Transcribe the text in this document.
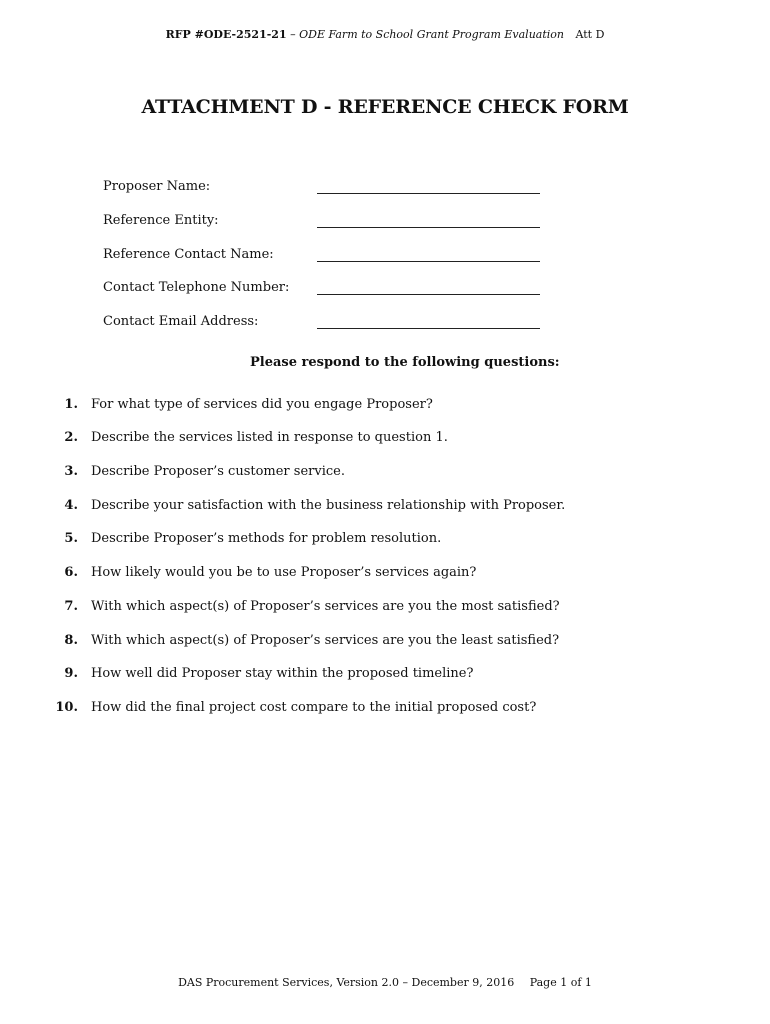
RFP #ODE-2521-21 – ODE Farm to School Grant Program Evaluation Att D
ATTACHMENT D - REFERENCE CHECK FORM
Proposer Name:
Reference Entity:
Reference Contact Name:
Contact Telephone Number:
Contact Email Address:
Please respond to the following questions:
1. For what type of services did you engage Proposer?
2. Describe the services listed in response to question 1.
3. Describe Proposer’s customer service.
4. Describe your satisfaction with the business relationship with Proposer.
5. Describe Proposer’s methods for problem resolution.
6. How likely would you be to use Proposer’s services again?
7. With which aspect(s) of Proposer’s services are you the most satisfied?
8. With which aspect(s) of Proposer’s services are you the least satisfied?
9. How well did Proposer stay within the proposed timeline?
10. How did the final project cost compare to the initial proposed cost?
DAS Procurement Services, Version 2.0 – December 9, 2016 Page 1 of 1
